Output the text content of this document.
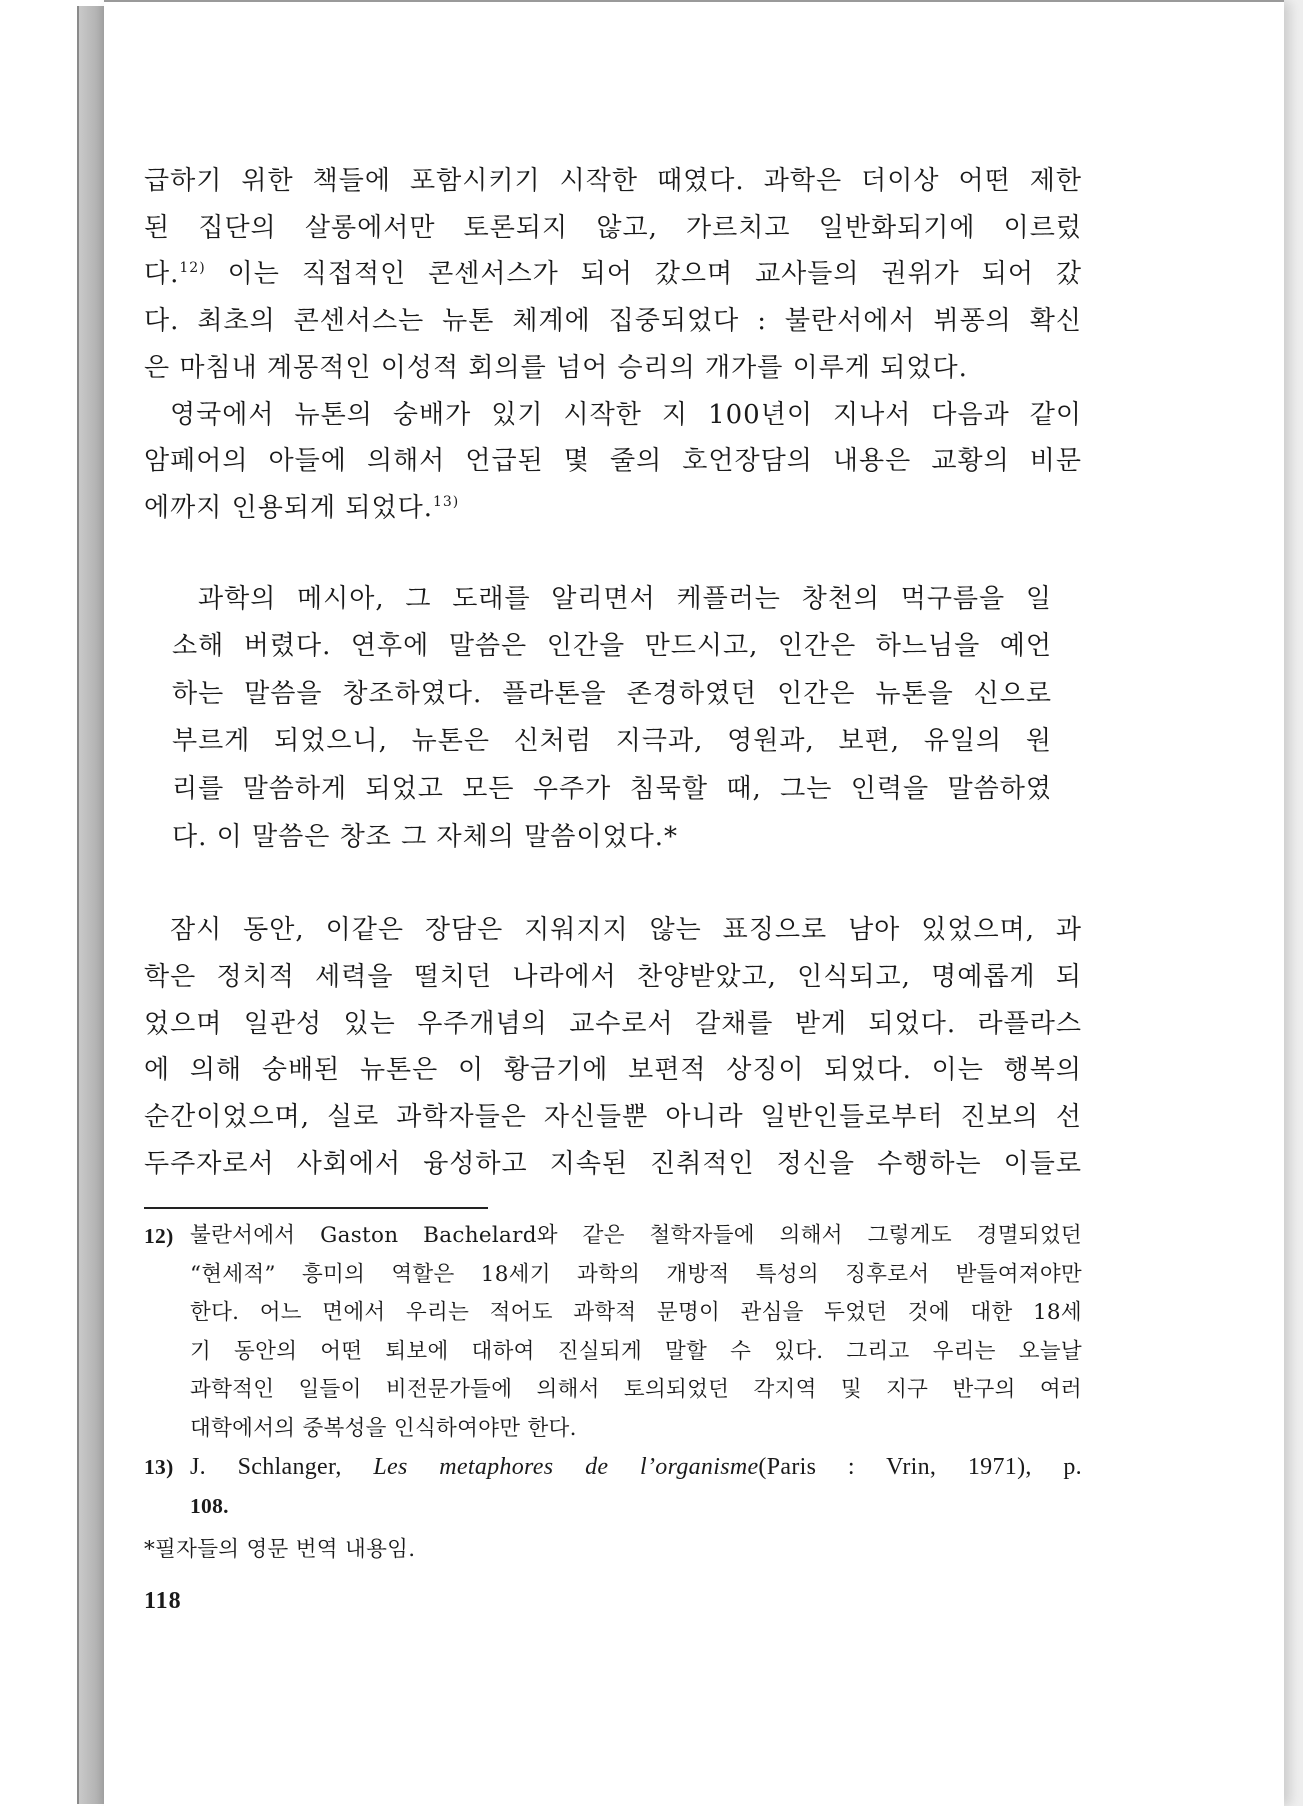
급하기 위한 책들에 포함시키기 시작한 때였다. 과학은 더이상 어떤 제한
된 집단의 살롱에서만 토론되지 않고, 가르치고 일반화되기에 이르렀
다.$^{12)}$ 이는 직접적인 콘센서스가 되어 갔으며 교사들의 권위가 되어 갔
다. 최초의 콘센서스는 뉴톤 체계에 집중되었다 : 불란서에서 뷔퐁의 확신
은 마침내 계몽적인 이성적 회의를 넘어 승리의 개가를 이루게 되었다.

영국에서 뉴톤의 숭배가 있기 시작한 지 100년이 지나서 다음과 같이
암페어의 아들에 의해서 언급된 몇 줄의 호언장담의 내용은 교황의 비문
에까지 인용되게 되었다.$^{13)}$

과학의 메시아, 그 도래를 알리면서 케플러는 창천의 먹구름을 일
소해 버렸다. 연후에 말씀은 인간을 만드시고, 인간은 하느님을 예언
하는 말씀을 창조하였다. 플라톤을 존경하였던 인간은 뉴톤을 신으로
부르게 되었으니, 뉴톤은 신처럼 지극과, 영원과, 보편, 유일의 원
리를 말씀하게 되었고 모든 우주가 침묵할 때, 그는 인력을 말씀하였
다. 이 말씀은 창조 그 자체의 말씀이었다.*

잠시 동안, 이같은 장담은 지워지지 않는 표징으로 남아 있었으며, 과
학은 정치적 세력을 떨치던 나라에서 찬양받았고, 인식되고, 명예롭게 되
었으며 일관성 있는 우주개념의 교수로서 갈채를 받게 되었다. 라플라스
에 의해 숭배된 뉴톤은 이 황금기에 보편적 상징이 되었다. 이는 행복의
순간이었으며, 실로 과학자들은 자신들뿐 아니라 일반인들로부터 진보의 선
두주자로서 사회에서 융성하고 지속된 진취적인 정신을 수행하는 이들로

12) 불란서에서 Gaston Bachelard와 같은 철학자들에 의해서 그렇게도 경멸되었던
“현세적” 흥미의 역할은 18세기 과학의 개방적 특성의 징후로서 받들여져야만
한다. 어느 면에서 우리는 적어도 과학적 문명이 관심을 두었던 것에 대한 18세
기 동안의 어떤 퇴보에 대하여 진실되게 말할 수 있다. 그리고 우리는 오늘날
과학적인 일들이 비전문가들에 의해서 토의되었던 각지역 및 지구 반구의 여러
대학에서의 중복성을 인식하여야만 한다.
13) J. Schlanger, Les metaphores de l’organisme(Paris : Vrin, 1971), p.
108.
*필자들의 영문 번역 내용임.
118
